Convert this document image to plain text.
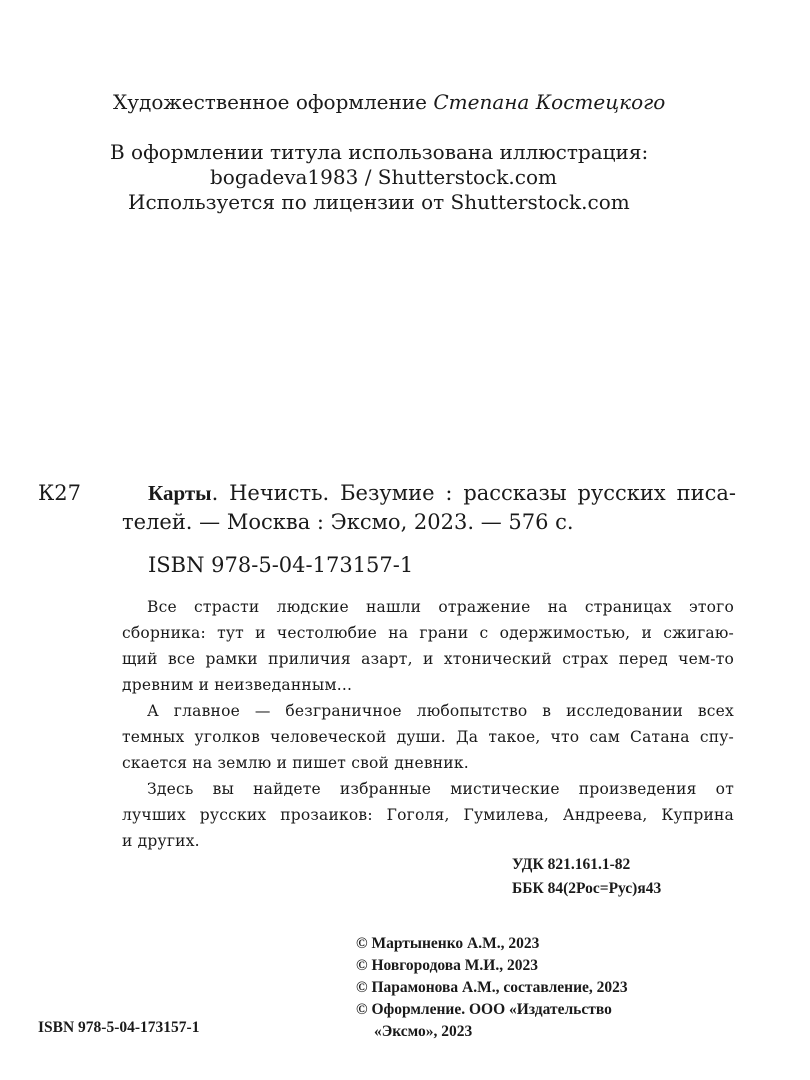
Художественное оформление Степана Костецкого
В оформлении титула использована иллюстрация:
bogadeva1983 / Shutterstock.com
Используется по лицензии от Shutterstock.com
К27	Карты. Нечисть. Безумие : рассказы русских писа-
телей. — Москва : Эксмо, 2023. — 576 с.
ISBN 978-5-04-173157-1
Все страсти людские нашли отражение на страницах этого
сборника: тут и честолюбие на грани с одержимостью, и сжигаю-
щий все рамки приличия азарт, и хтонический страх перед чем-то
древним и неизведанным...
А главное — безграничное любопытство в исследовании всех
темных уголков человеческой души. Да такое, что сам Сатана спу-
скается на землю и пишет свой дневник.
Здесь вы найдете избранные мистические произведения от
лучших русских прозаиков: Гоголя, Гумилева, Андреева, Куприна
и других.
УДК 821.161.1-82
ББК 84(2Рос=Рус)я43
© Мартыненко А.М., 2023
© Новгородова М.И., 2023
© Парамонова А.М., составление, 2023
© Оформление. ООО «Издательство
«Эксмо», 2023
ISBN 978-5-04-173157-1
